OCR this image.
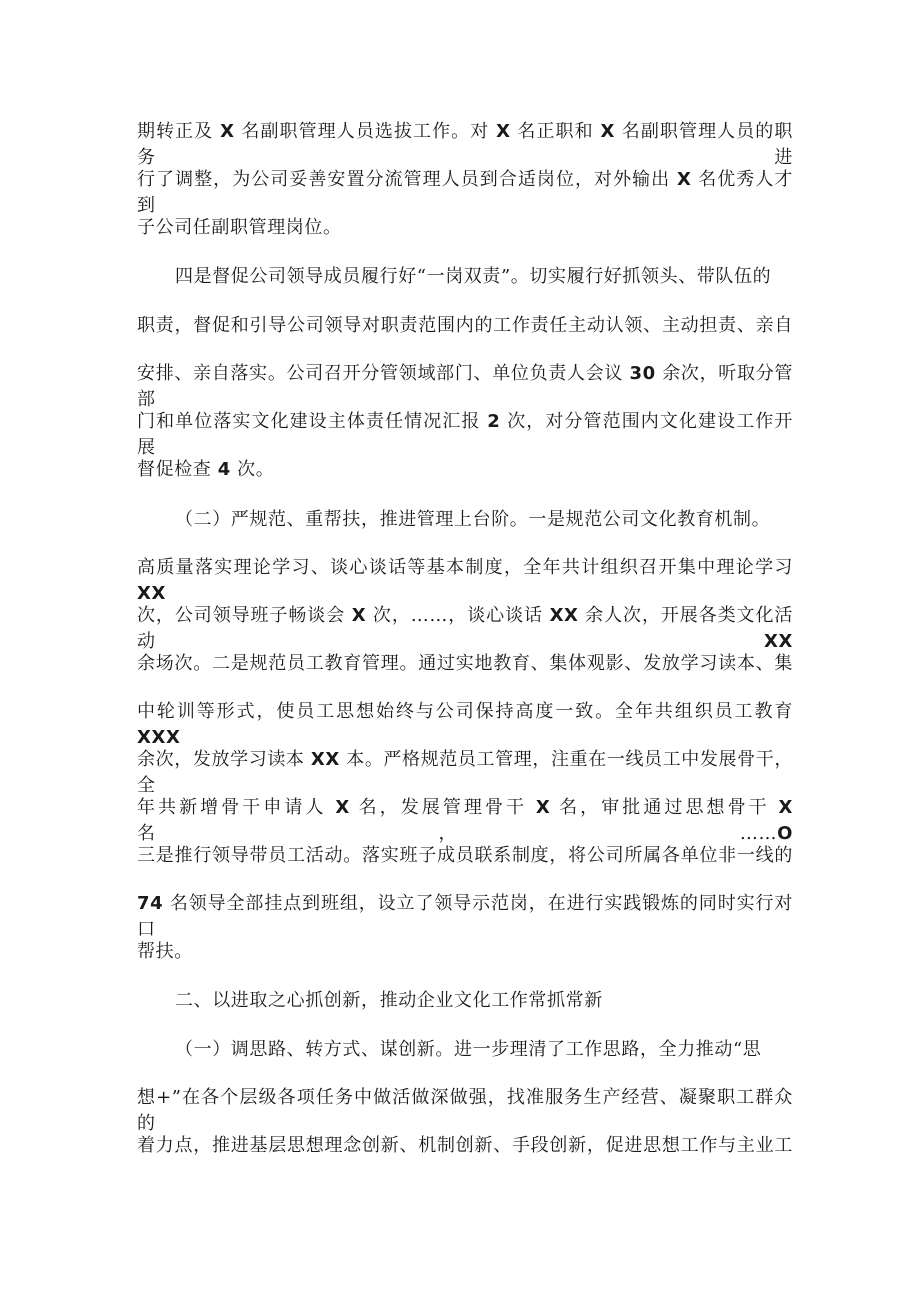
期转正及 X 名副职管理人员选拔工作。对 X 名正职和 X 名副职管理人员的职务进
行了调整，为公司妥善安置分流管理人员到合适岗位，对外输出 X 名优秀人才到
子公司任副职管理岗位。
四是督促公司领导成员履行好“一岗双责”。切实履行好抓领头、带队伍的
职责，督促和引导公司领导对职责范围内的工作责任主动认领、主动担责、亲自
安排、亲自落实。公司召开分管领域部门、单位负责人会议 30 余次，听取分管部
门和单位落实文化建设主体责任情况汇报 2 次，对分管范围内文化建设工作开展
督促检查 4 次。
（二）严规范、重帮扶，推进管理上台阶。一是规范公司文化教育机制。
高质量落实理论学习、谈心谈话等基本制度，全年共计组织召开集中理论学习 XX
次，公司领导班子畅谈会 X 次，……，谈心谈话 XX 余人次，开展各类文化活动 XX
余场次。二是规范员工教育管理。通过实地教育、集体观影、发放学习读本、集
中轮训等形式，使员工思想始终与公司保持高度一致。全年共组织员工教育 XXX
余次，发放学习读本 XX 本。严格规范员工管理，注重在一线员工中发展骨干，全
年共新增骨干申请人 X 名，发展管理骨干 X 名，审批通过思想骨干 X 名，……O
三是推行领导带员工活动。落实班子成员联系制度，将公司所属各单位非一线的
74 名领导全部挂点到班组，设立了领导示范岗，在进行实践锻炼的同时实行对口
帮扶。
二、以进取之心抓创新，推动企业文化工作常抓常新
（一）调思路、转方式、谋创新。进一步理清了工作思路，全力推动“思
想+”在各个层级各项任务中做活做深做强，找准服务生产经营、凝聚职工群众的
着力点，推进基层思想理念创新、机制创新、手段创新，促进思想工作与主业工
